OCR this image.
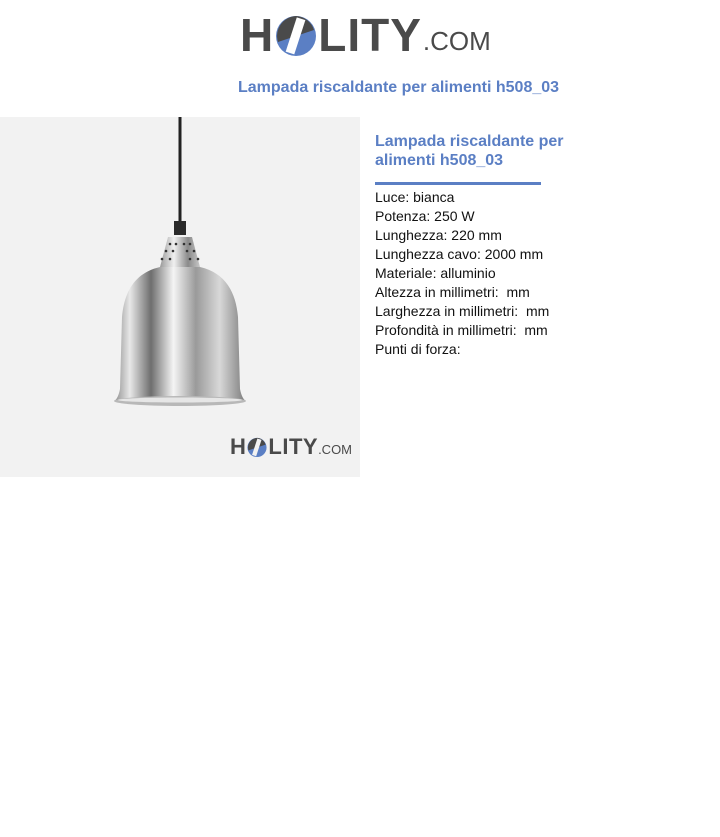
H LITY .COM
Lampada riscaldante per alimenti h508_03
H LITY .COM
Lampada riscaldante per alimenti h508_03
Luce: bianca
Potenza: 250 W
Lunghezza: 220 mm
Lunghezza cavo: 2000 mm
Materiale: alluminio
Altezza in millimetri:  mm
Larghezza in millimetri:  mm
Profondità in millimetri:  mm
Punti di forza:
